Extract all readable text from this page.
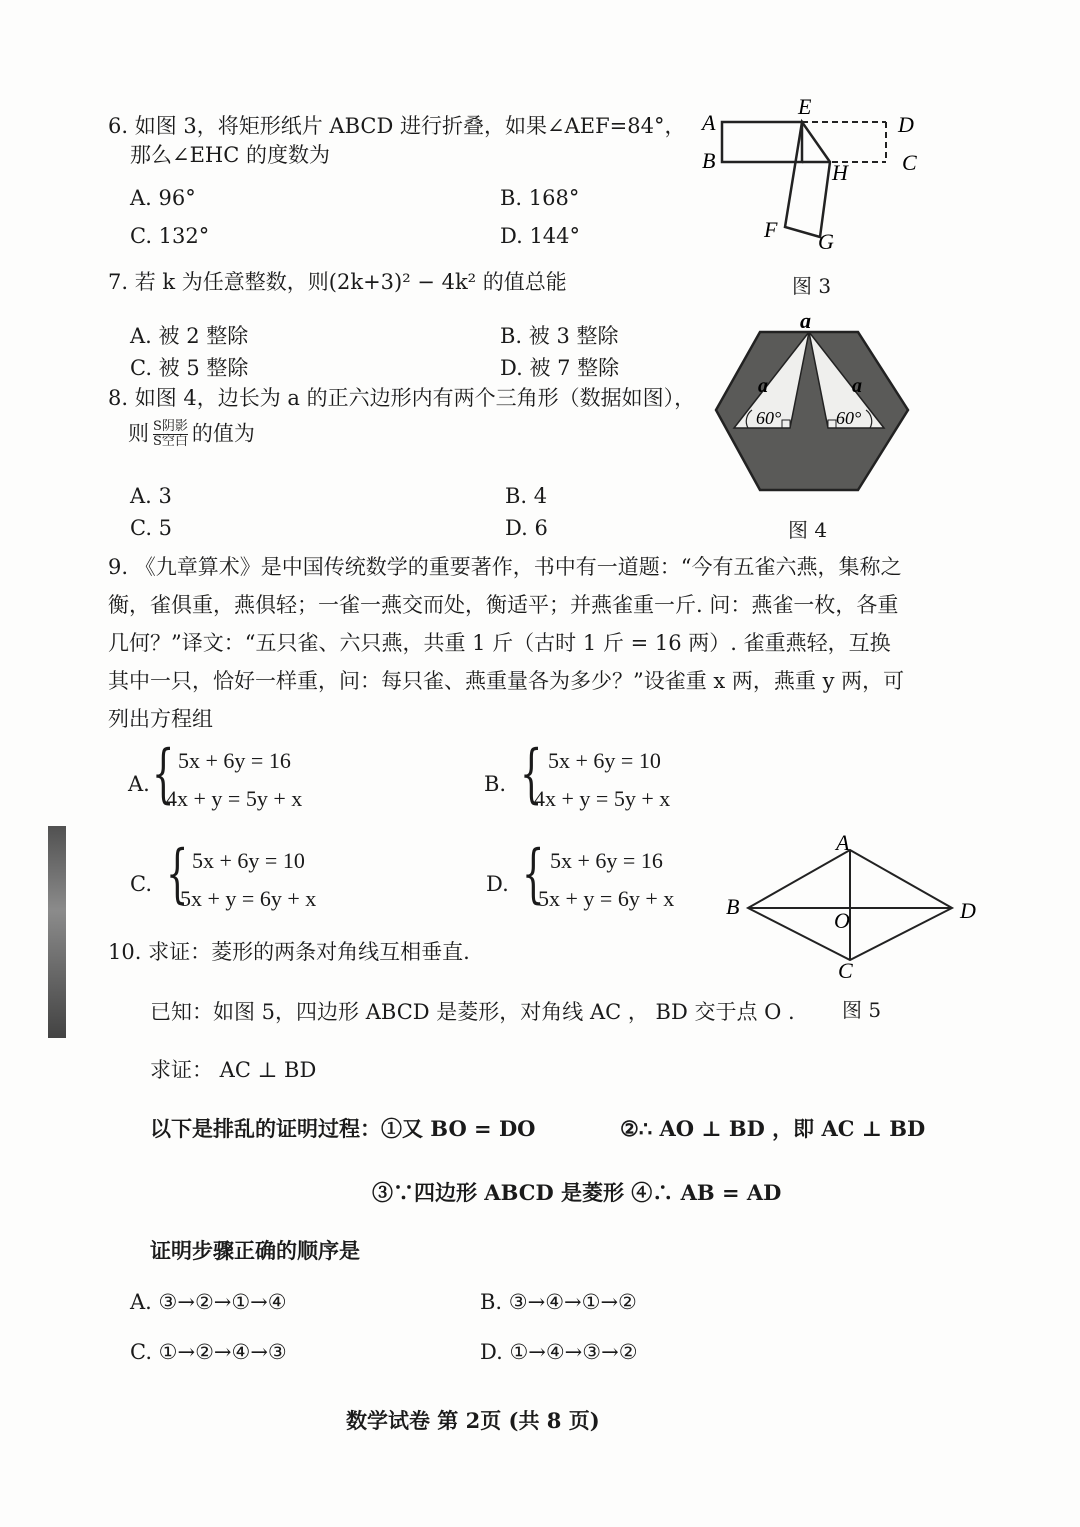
6. 如图 3，将矩形纸片 ABCD 进行折叠，如果∠AEF=84°，
那么∠EHC 的度数为
A. 96°	B. 168°
C. 132°	D. 144°
A
E
D
B	H C
F G
图 3
7. 若 k 为任意整数，则(2k+3)² − 4k² 的值总能
A. 被 2 整除	B. 被 3 整除
C. 被 5 整除	D. 被 7 整除
a
a	a
60°	60°
图 4
8. 如图 4，边长为 a 的正六边形内有两个三角形（数据如图），
则 $\frac{\text{S阴影}}{\text{S空白}}$ 的值为
A. 3	B. 4
C. 5	D. 6
9. 《九章算术》是中国传统数学的重要著作，书中有一道题：“今有五雀六燕，集称之衡，雀俱重，燕俱轻；一雀一燕交而处，衡适平；并燕雀重一斤. 问：燕雀一枚，各重几何？”译文：“五只雀、六只燕，共重 1 斤（古时 1 斤 = 16 两）. 雀重燕轻，互换其中一只，恰好一样重，问：每只雀、燕重量各为多少？”设雀重 x 两，燕重 y 两，可列出方程组
A. { 5x + 6y = 16
4x + y = 5y + x
B. { 5x + 6y = 10
4x + y = 5y + x
C. { 5x + 6y = 10
5x + y = 6y + x
D. { 5x + 6y = 16
5x + y = 6y + x
A
B
O	D
C
图 5
10. 求证：菱形的两条对角线互相垂直.
已知：如图 5，四边形 ABCD 是菱形，对角线 AC ， BD 交于点 O .
求证： AC ⊥ BD
以下是排乱的证明过程：①又 BO = DO	②∴ AO ⊥ BD ，即 AC ⊥ BD
③∵四边形 ABCD 是菱形 ④∴ AB = AD
证明步骤正确的顺序是
A. ③→②→①→④	B. ③→④→①→②
C. ①→②→④→③	D. ①→④→③→②
数学试卷 第 2页 (共 8 页)
